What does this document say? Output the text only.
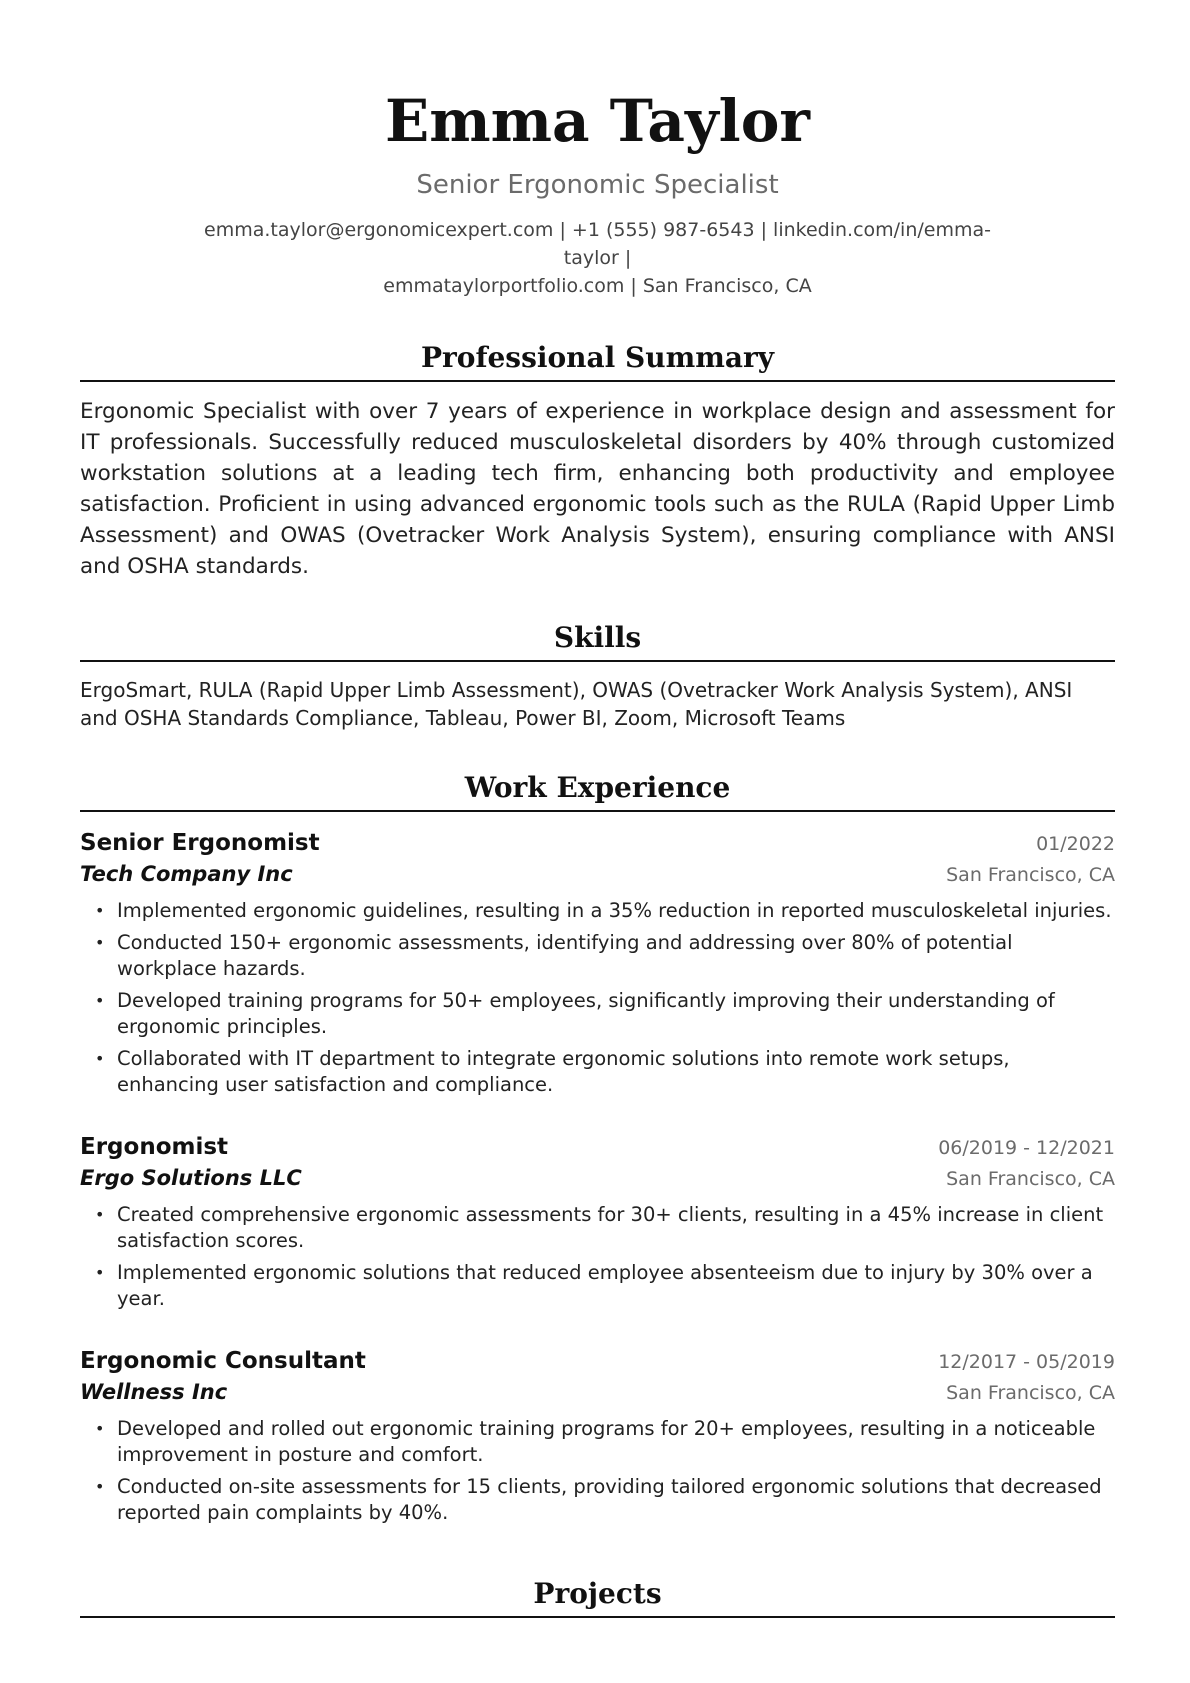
Emma Taylor
Senior Ergonomic Specialist
emma.taylor@ergonomicexpert.com | +1 (555) 987-6543 | linkedin.com/in/emma-taylor |
emmataylorportfolio.com | San Francisco, CA
Professional Summary
Ergonomic Specialist with over 7 years of experience in workplace design and assessment for IT professionals. Successfully reduced musculoskeletal disorders by 40% through customized workstation solutions at a leading tech firm, enhancing both productivity and employee satisfaction. Proficient in using advanced ergonomic tools such as the RULA (Rapid Upper Limb Assessment) and OWAS (Ovetracker Work Analysis System), ensuring compliance with ANSI and OSHA standards.
Skills
ErgoSmart, RULA (Rapid Upper Limb Assessment), OWAS (Ovetracker Work Analysis System), ANSI and OSHA Standards Compliance, Tableau, Power BI, Zoom, Microsoft Teams
Work Experience
Senior Ergonomist	01/2022
Tech Company Inc	San Francisco, CA
• Implemented ergonomic guidelines, resulting in a 35% reduction in reported musculoskeletal injuries.
• Conducted 150+ ergonomic assessments, identifying and addressing over 80% of potential workplace hazards.
• Developed training programs for 50+ employees, significantly improving their understanding of ergonomic principles.
• Collaborated with IT department to integrate ergonomic solutions into remote work setups, enhancing user satisfaction and compliance.
Ergonomist	06/2019 - 12/2021
Ergo Solutions LLC	San Francisco, CA
• Created comprehensive ergonomic assessments for 30+ clients, resulting in a 45% increase in client satisfaction scores.
• Implemented ergonomic solutions that reduced employee absenteeism due to injury by 30% over a year.
Ergonomic Consultant	12/2017 - 05/2019
Wellness Inc	San Francisco, CA
• Developed and rolled out ergonomic training programs for 20+ employees, resulting in a noticeable improvement in posture and comfort.
• Conducted on-site assessments for 15 clients, providing tailored ergonomic solutions that decreased reported pain complaints by 40%.
Projects
